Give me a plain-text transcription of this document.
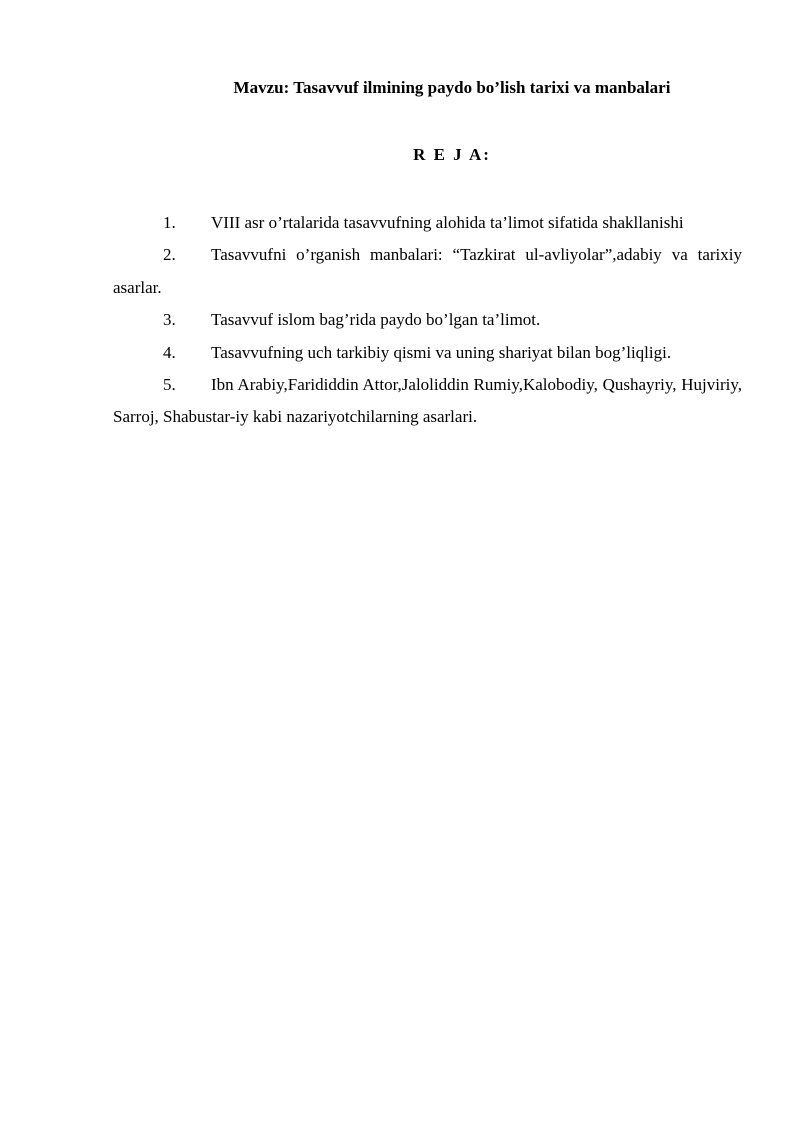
Mavzu: Tasavvuf ilmining paydo bo’lish tarixi va manbalari
R E J A:

1. VIII asr o’rtalarida tasavvufning alohida ta’limot sifatida shakllanishi

2. Tasavvufni o’rganish manbalari: “Tazkirat ul-avliyolar”,adabiy va tarixiy asarlar.

3. Tasavvuf islom bag’rida paydo bo’lgan ta’limot.

4. Tasavvufning uch tarkibiy qismi va uning shariyat bilan bog’liqligi.

5. Ibn Arabiy,Farididdin Attor,Jaloliddin Rumiy,Kalobodiy, Qushayriy, Hujviriy, Sarroj, Shabustar-iy kabi nazariyotchilarning asarlari.
